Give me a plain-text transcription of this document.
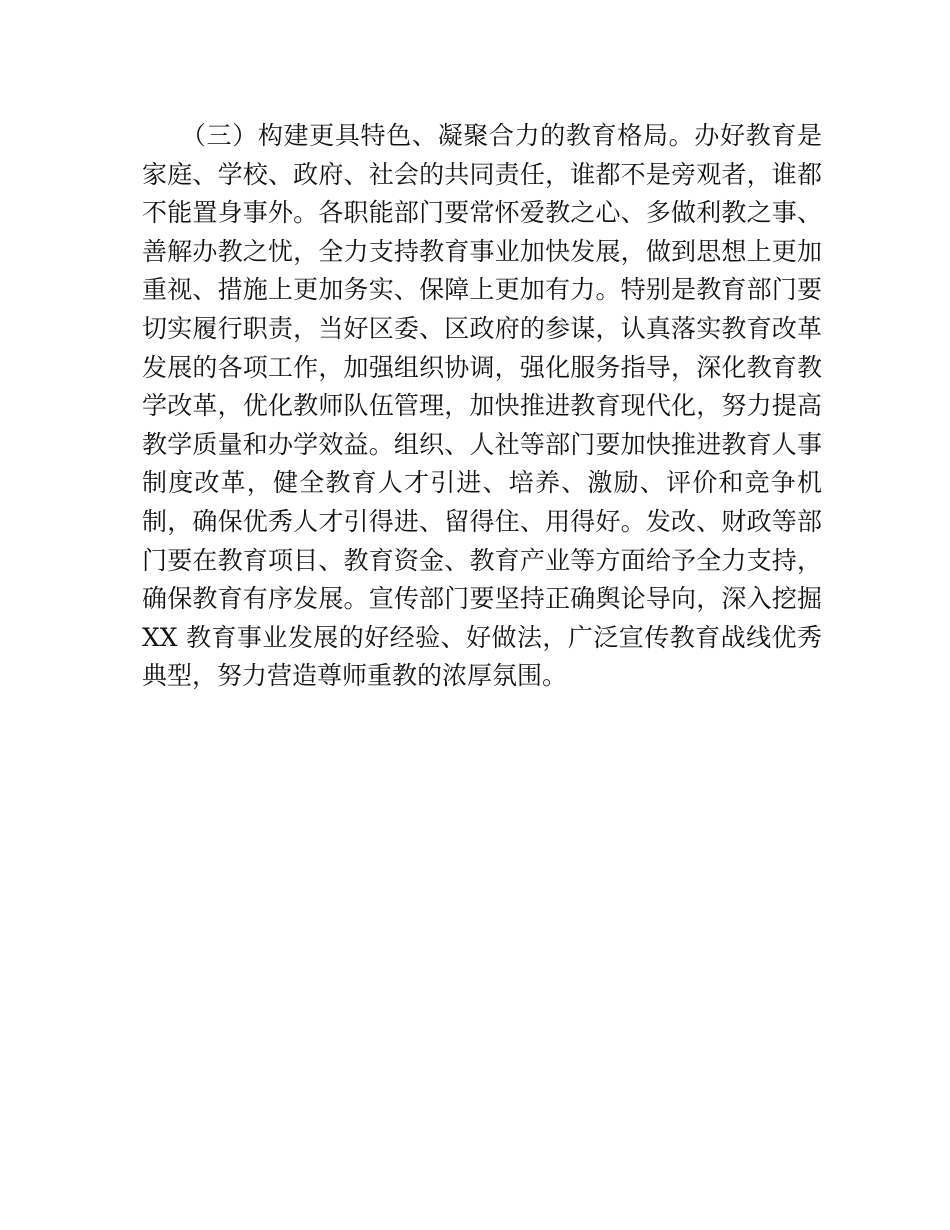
　　（三）构建更具特色、凝聚合力的教育格局。办好教育是
家庭、学校、政府、社会的共同责任，谁都不是旁观者，谁都
不能置身事外。各职能部门要常怀爱教之心、多做利教之事、
善解办教之忧，全力支持教育事业加快发展，做到思想上更加
重视、措施上更加务实、保障上更加有力。特别是教育部门要
切实履行职责，当好区委、区政府的参谋，认真落实教育改革
发展的各项工作，加强组织协调，强化服务指导，深化教育教
学改革，优化教师队伍管理，加快推进教育现代化，努力提高
教学质量和办学效益。组织、人社等部门要加快推进教育人事
制度改革，健全教育人才引进、培养、激励、评价和竞争机
制，确保优秀人才引得进、留得住、用得好。发改、财政等部
门要在教育项目、教育资金、教育产业等方面给予全力支持，
确保教育有序发展。宣传部门要坚持正确舆论导向，深入挖掘
XX 教育事业发展的好经验、好做法，广泛宣传教育战线优秀
典型，努力营造尊师重教的浓厚氛围。
